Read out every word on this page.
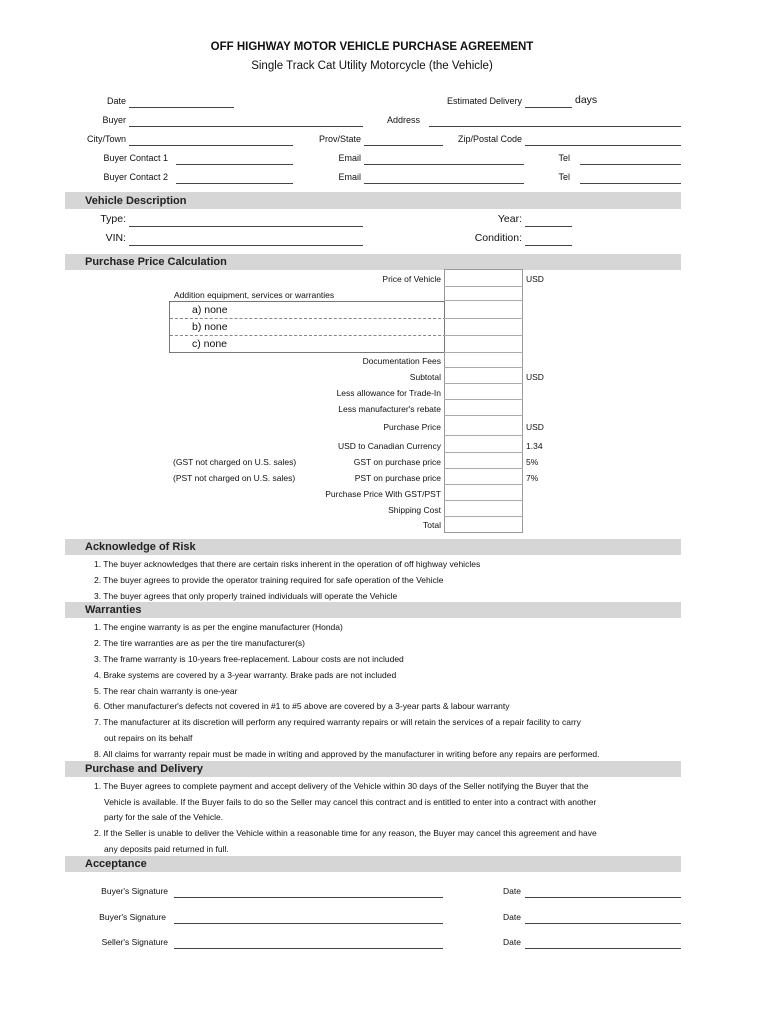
OFF HIGHWAY MOTOR VEHICLE PURCHASE AGREEMENT
Single Track Cat Utility Motorcycle (the Vehicle)
Date	Estimated Delivery	days
Buyer	Address
City/Town	Prov/State	Zip/Postal Code
Buyer Contact 1	Email	Tel
Buyer Contact 2	Email	Tel
Vehicle Description
Type:	Year:
VIN:	Condition:
Purchase Price Calculation
Price of Vehicle	USD
Addition equipment, services or warranties
a) none
b) none
c) none
Documentation Fees
Subtotal	USD
Less allowance for Trade-In
Less manufacturer's rebate
Purchase Price	USD
USD to Canadian Currency	1.34
(GST not charged on U.S. sales)	GST on purchase price	5%
(PST not charged on U.S. sales)	PST on purchase price	7%
Purchase Price With GST/PST
Shipping Cost
Total
Acknowledge of Risk
1. The buyer acknowledges that there are certain risks inherent in the operation of off highway vehicles
2. The buyer agrees to provide the operator training required for safe operation of the Vehicle
3. The buyer agrees that only properly trained individuals will operate the Vehicle
Warranties
1. The engine warranty is as per the engine manufacturer (Honda)
2. The tire warranties are as per the tire manufacturer(s)
3. The frame warranty is 10-years free-replacement. Labour costs are not included
4. Brake systems are covered by a 3-year warranty. Brake pads are not included
5. The rear chain warranty is one-year
6. Other manufacturer's defects not covered in #1 to #5 above are covered by a 3-year parts & labour warranty
7. The manufacturer at its discretion will perform any required warranty repairs or will retain the services of a repair facility to carry
out repairs on its behalf
8. All claims for warranty repair must be made in writing and approved by the manufacturer in writing before any repairs are performed.
Purchase and Delivery
1. The Buyer agrees to complete payment and accept delivery of the Vehicle within 30 days of the Seller notifying the Buyer that the
Vehicle is available. If the Buyer fails to do so the Seller may cancel this contract and is entitled to enter into a contract with another
party for the sale of the Vehicle.
2. If the Seller is unable to deliver the Vehicle within a reasonable time for any reason, the Buyer may cancel this agreement and have
any deposits paid returned in full.
Acceptance
Buyer's Signature	Date
Buyer's Signature	Date
Seller's Signature	Date
